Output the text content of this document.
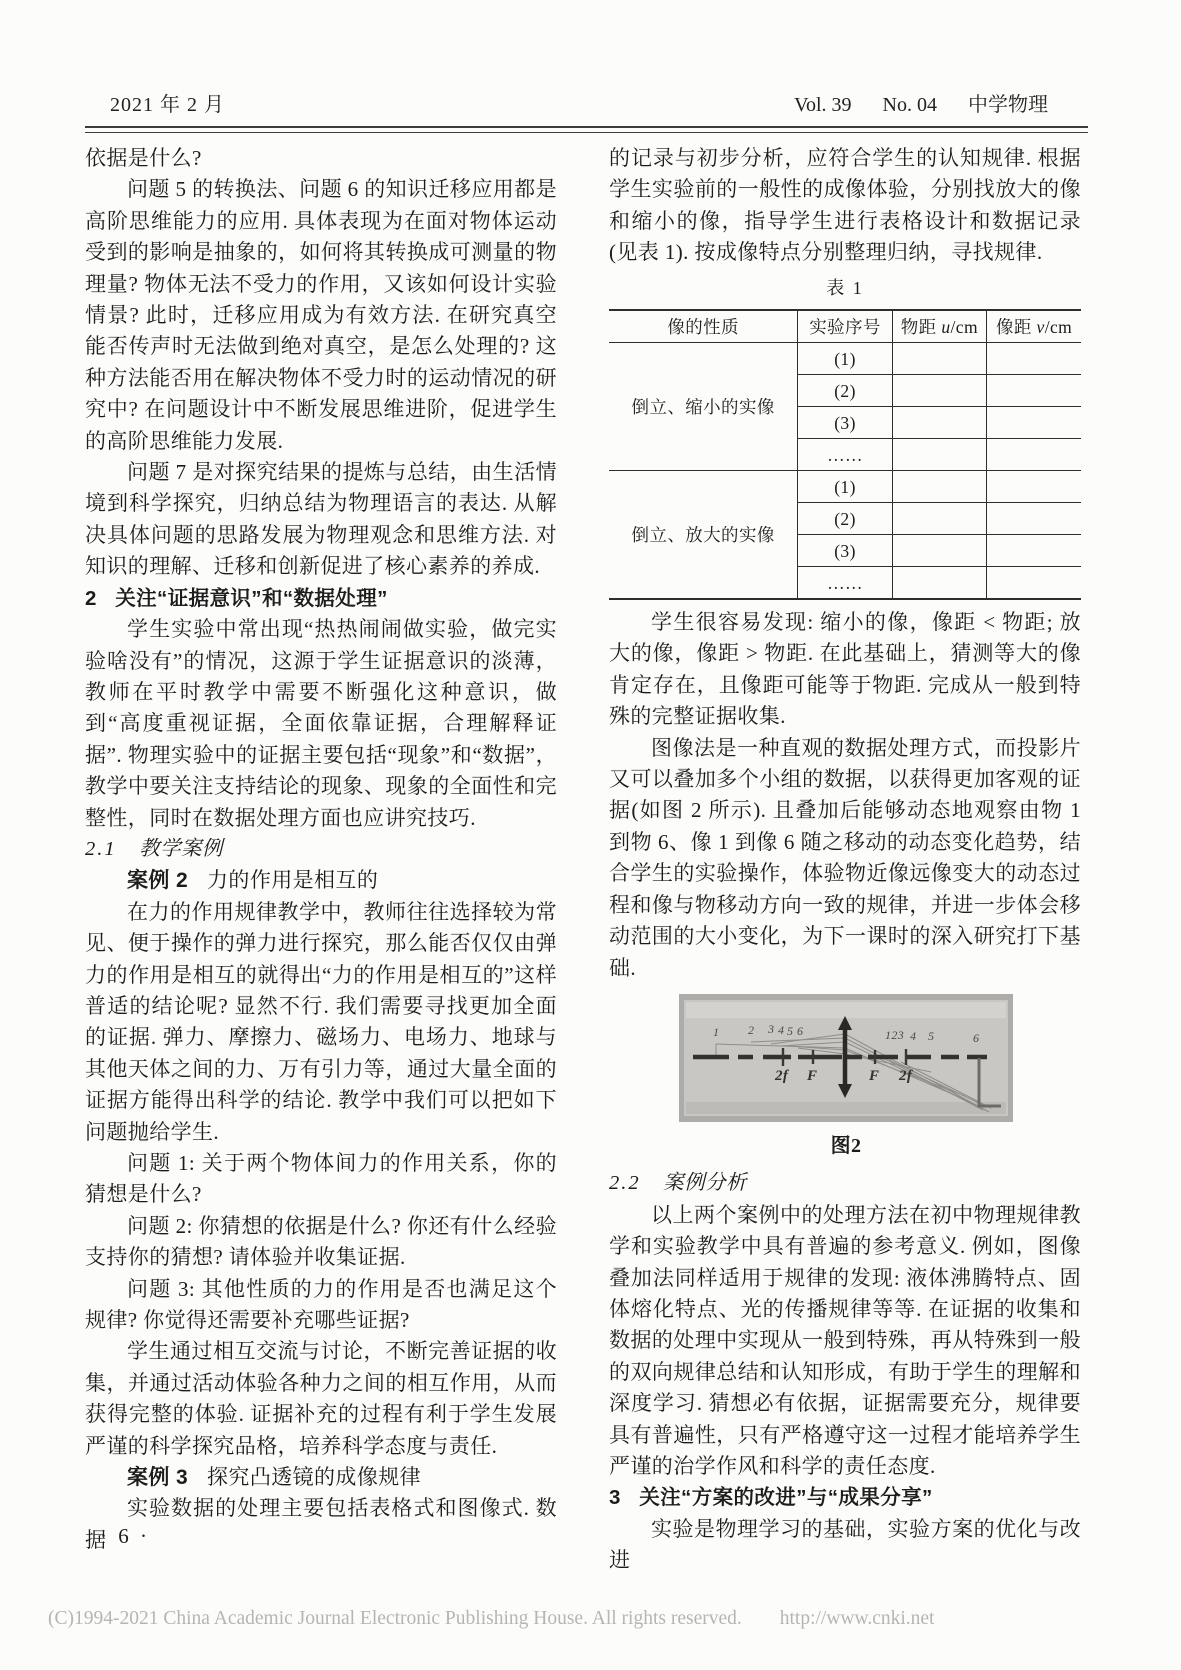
2021 年 2 月	Vol. 39 No. 04 中学物理

依据是什么?

问题 5 的转换法、问题 6 的知识迁移应用都是高阶思维能力的应用. 具体表现为在面对物体运动受到的影响是抽象的，如何将其转换成可测量的物理量? 物体无法不受力的作用，又该如何设计实验情景? 此时，迁移应用成为有效方法. 在研究真空能否传声时无法做到绝对真空，是怎么处理的? 这种方法能否用在解决物体不受力时的运动情况的研究中? 在问题设计中不断发展思维进阶，促进学生的高阶思维能力发展.

问题 7 是对探究结果的提炼与总结，由生活情境到科学探究，归纳总结为物理语言的表达. 从解决具体问题的思路发展为物理观念和思维方法. 对知识的理解、迁移和创新促进了核心素养的养成.

2 关注“证据意识”和“数据处理”

学生实验中常出现“热热闹闹做实验，做完实验啥没有”的情况，这源于学生证据意识的淡薄，教师在平时教学中需要不断强化这种意识，做到“高度重视证据，全面依靠证据，合理解释证据”. 物理实验中的证据主要包括“现象”和“数据”，教学中要关注支持结论的现象、现象的全面性和完整性，同时在数据处理方面也应讲究技巧.

2.1 教学案例
案例 2 力的作用是相互的

在力的作用规律教学中，教师往往选择较为常见、便于操作的弹力进行探究，那么能否仅仅由弹力的作用是相互的就得出“力的作用是相互的”这样普适的结论呢? 显然不行. 我们需要寻找更加全面的证据. 弹力、摩擦力、磁场力、电场力、地球与其他天体之间的力、万有引力等，通过大量全面的证据方能得出科学的结论. 教学中我们可以把如下问题抛给学生.

问题 1: 关于两个物体间力的作用关系，你的猜想是什么?

问题 2: 你猜想的依据是什么? 你还有什么经验支持你的猜想? 请体验并收集证据.

问题 3: 其他性质的力的作用是否也满足这个规律? 你觉得还需要补充哪些证据?

学生通过相互交流与讨论，不断完善证据的收集，并通过活动体验各种力之间的相互作用，从而获得完整的体验. 证据补充的过程有利于学生发展严谨的科学探究品格，培养科学态度与责任.

案例 3 探究凸透镜的成像规律

实验数据的处理主要包括表格式和图像式. 数据

的记录与初步分析，应符合学生的认知规律. 根据学生实验前的一般性的成像体验，分别找放大的像和缩小的像，指导学生进行表格设计和数据记录(见表 1). 按成像特点分别整理归纳，寻找规律.

表 1
像的性质	实验序号	物距 u/cm	像距 v/cm
倒立、缩小的实像	(1)		
	(2)		
	(3)		
	……		
倒立、放大的实像	(1)		
	(2)		
	(3)		
	……		

学生很容易发现: 缩小的像，像距 < 物距; 放大的像，像距 > 物距. 在此基础上，猜测等大的像肯定存在，且像距可能等于物距. 完成从一般到特殊的完整证据收集.

图像法是一种直观的数据处理方式，而投影片又可以叠加多个小组的数据，以获得更加客观的证据(如图 2 所示). 且叠加后能够动态地观察由物 1 到物 6、像 1 到像 6 随之移动的动态变化趋势，结合学生的实验操作，体验物近像远像变大的动态过程和像与物移动方向一致的规律，并进一步体会移动范围的大小变化，为下一课时的深入研究打下基础.

1 2 3 4 5 6	123 4 5	6
2f F	F 2f
图2
2.2 案例分析

以上两个案例中的处理方法在初中物理规律教学和实验教学中具有普遍的参考意义. 例如，图像叠加法同样适用于规律的发现: 液体沸腾特点、固体熔化特点、光的传播规律等等. 在证据的收集和数据的处理中实现从一般到特殊，再从特殊到一般的双向规律总结和认知形成，有助于学生的理解和深度学习. 猜想必有依据，证据需要充分，规律要具有普遍性，只有严格遵守这一过程才能培养学生严谨的治学作风和科学的责任态度.

3 关注“方案的改进”与“成果分享”

实验是物理学习的基础，实验方案的优化与改进

· 6 ·
(C)1994-2021 China Academic Journal Electronic Publishing House. All rights reserved. http://www.cnki.net
